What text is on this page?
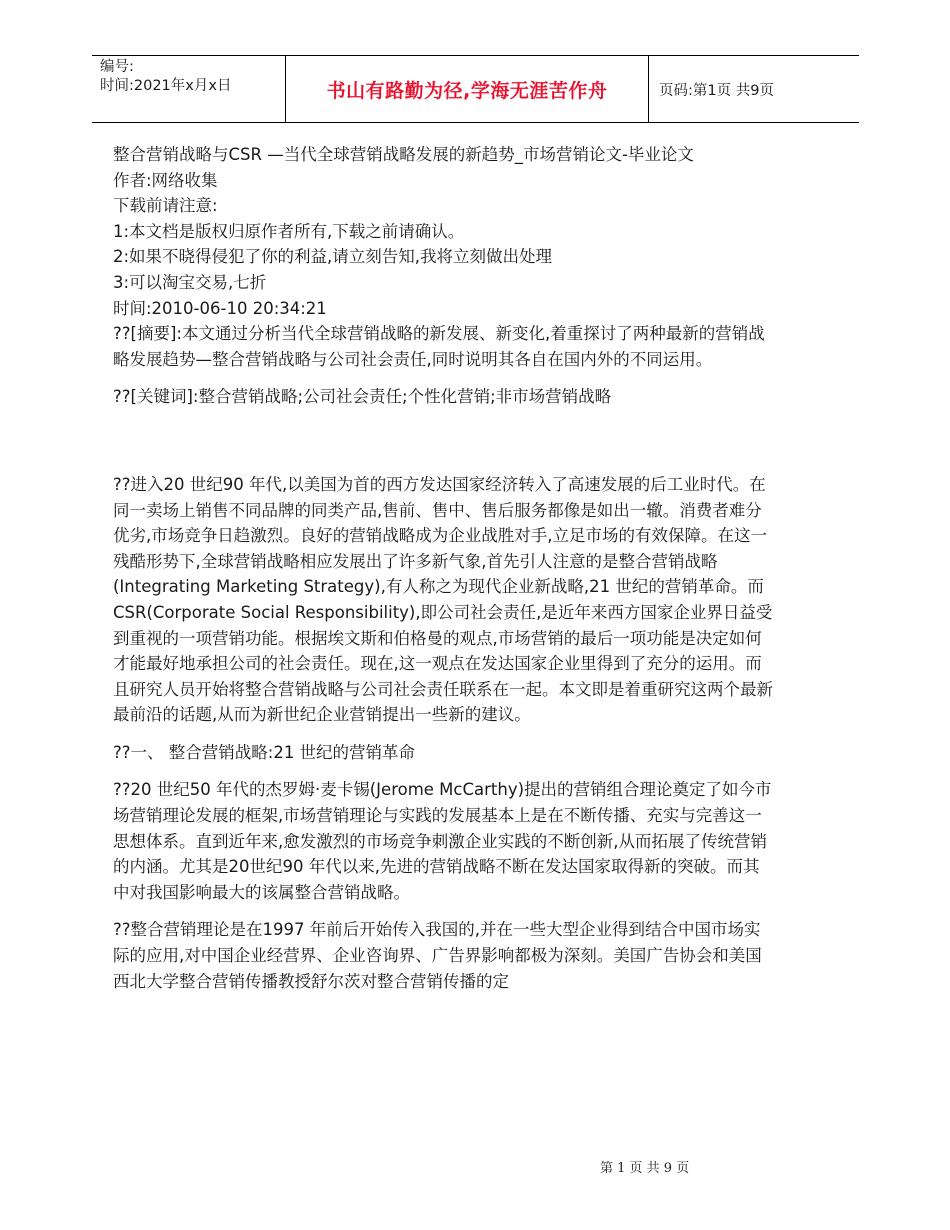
编号:
时间:2021年x月x日	书山有路勤为径,学海无涯苦作舟	页码:第1页 共9页

整合营销战略与CSR —当代全球营销战略发展的新趋势_市场营销论文-毕业论文

作者:网络收集

下载前请注意:

1:本文档是版权归原作者所有,下载之前请确认。

2:如果不晓得侵犯了你的利益,请立刻告知,我将立刻做出处理

3:可以淘宝交易,七折

时间:2010-06-10 20:34:21

??[摘要]:本文通过分析当代全球营销战略的新发展、新变化,着重探讨了两种最新的营销战略发展趋势—整合营销战略与公司社会责任,同时说明其各自在国内外的不同运用。

??[关键词]:整合营销战略;公司社会责任;个性化营销;非市场营销战略

??进入20 世纪90 年代,以美国为首的西方发达国家经济转入了高速发展的后工业时代。在同一卖场上销售不同品牌的同类产品,售前、售中、售后服务都像是如出一辙。消费者难分优劣,市场竞争日趋激烈。良好的营销战略成为企业战胜对手,立足市场的有效保障。在这一残酷形势下,全球营销战略相应发展出了许多新气象,首先引人注意的是整合营销战略(Integrating Marketing Strategy),有人称之为现代企业新战略,21 世纪的营销革命。而CSR(Corporate Social Responsibility),即公司社会责任,是近年来西方国家企业界日益受到重视的一项营销功能。根据埃文斯和伯格曼的观点,市场营销的最后一项功能是决定如何才能最好地承担公司的社会责任。现在,这一观点在发达国家企业里得到了充分的运用。而且研究人员开始将整合营销战略与公司社会责任联系在一起。本文即是着重研究这两个最新最前沿的话题,从而为新世纪企业营销提出一些新的建议。

??一、 整合营销战略:21 世纪的营销革命

??20 世纪50 年代的杰罗姆·麦卡锡(Jerome McCarthy)提出的营销组合理论奠定了如今市场营销理论发展的框架,市场营销理论与实践的发展基本上是在不断传播、充实与完善这一思想体系。直到近年来,愈发激烈的市场竞争刺激企业实践的不断创新,从而拓展了传统营销的内涵。尤其是20世纪90 年代以来,先进的营销战略不断在发达国家取得新的突破。而其中对我国影响最大的该属整合营销战略。

??整合营销理论是在1997 年前后开始传入我国的,并在一些大型企业得到结合中国市场实际的应用,对中国企业经营界、企业咨询界、广告界影响都极为深刻。美国广告协会和美国西北大学整合营销传播教授舒尔茨对整合营销传播的定

第 1 页 共 9 页
